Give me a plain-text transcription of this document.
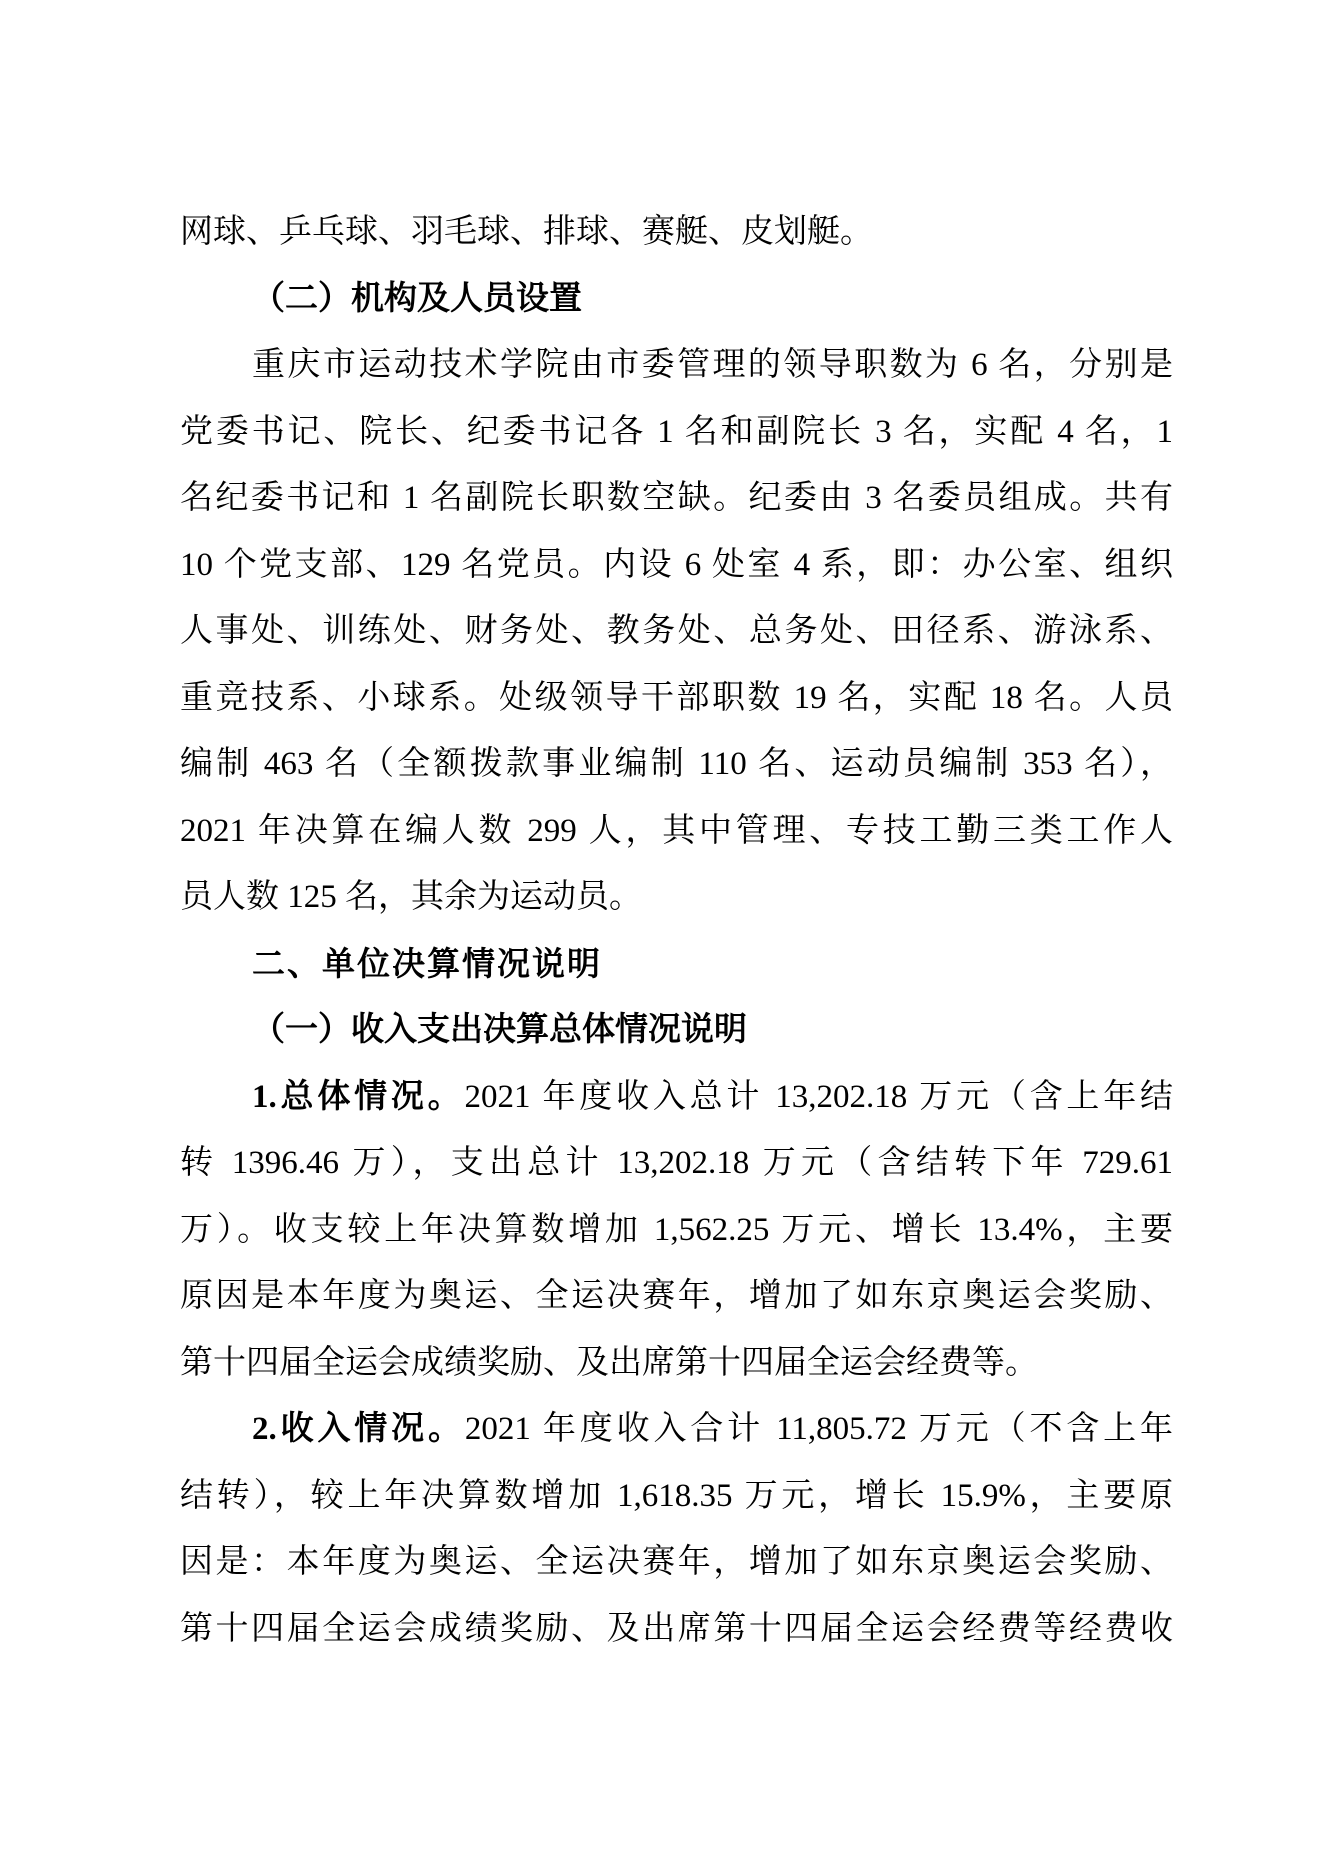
网球、乒乓球、羽毛球、排球、赛艇、皮划艇。
（二）机构及人员设置
重庆市运动技术学院由市委管理的领导职数为 6 名，分别是
党委书记、院长、纪委书记各 1 名和副院长 3 名，实配 4 名，1
名纪委书记和 1 名副院长职数空缺。纪委由 3 名委员组成。共有
10 个党支部、129 名党员。内设 6 处室 4 系，即：办公室、组织
人事处、训练处、财务处、教务处、总务处、田径系、游泳系、
重竞技系、小球系。处级领导干部职数 19 名，实配 18 名。人员
编制 463 名（全额拨款事业编制 110 名、运动员编制 353 名），
2021 年决算在编人数 299 人，其中管理、专技工勤三类工作人
员人数 125 名，其余为运动员。
二、单位决算情况说明
（一）收入支出决算总体情况说明
1.总体情况。2021 年度收入总计 13,202.18 万元（含上年结
转 1396.46 万），支出总计 13,202.18 万元（含结转下年 729.61
万）。收支较上年决算数增加 1,562.25 万元、增长 13.4%，主要
原因是本年度为奥运、全运决赛年，增加了如东京奥运会奖励、
第十四届全运会成绩奖励、及出席第十四届全运会经费等。
2.收入情况。2021 年度收入合计 11,805.72 万元（不含上年
结转），较上年决算数增加 1,618.35 万元，增长 15.9%，主要原
因是：本年度为奥运、全运决赛年，增加了如东京奥运会奖励、
第十四届全运会成绩奖励、及出席第十四届全运会经费等经费收
